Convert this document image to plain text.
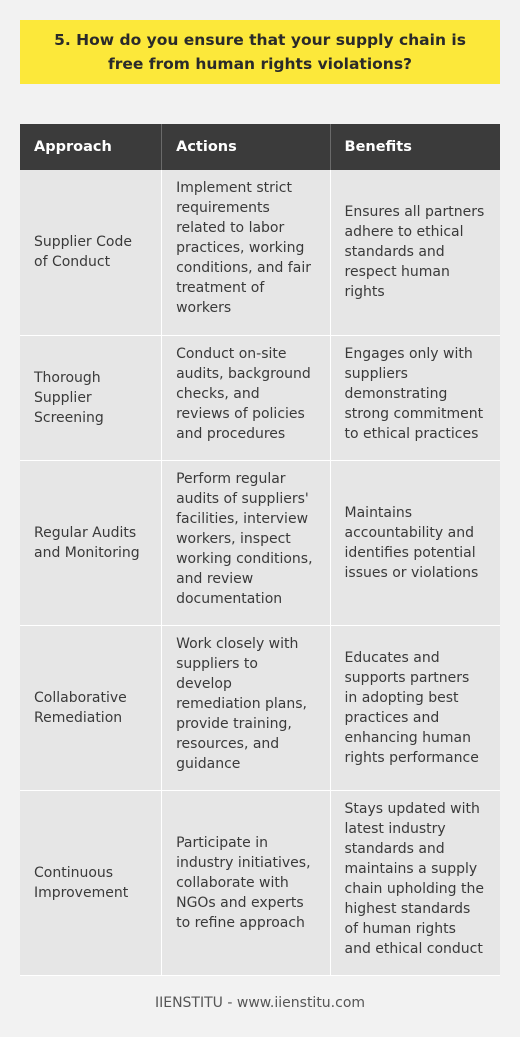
5. How do you ensure that your supply chain is free from human rights violations?
Approach	Actions	Benefits
Supplier Code of Conduct	Implement strict requirements related to labor practices, working conditions, and fair treatment of workers	Ensures all partners adhere to ethical standards and respect human rights
Thorough Supplier Screening	Conduct on-site audits, background checks, and reviews of policies and procedures	Engages only with suppliers demonstrating strong commitment to ethical practices
Regular Audits and Monitoring	Perform regular audits of suppliers' facilities, interview workers, inspect working conditions, and review documentation	Maintains accountability and identifies potential issues or violations
Collaborative Remediation	Work closely with suppliers to develop remediation plans, provide training, resources, and guidance	Educates and supports partners in adopting best practices and enhancing human rights performance
Continuous Improvement	Participate in industry initiatives, collaborate with NGOs and experts to refine approach	Stays updated with latest industry standards and maintains a supply chain upholding the highest standards of human rights and ethical conduct
IIENSTITU - www.iienstitu.com
